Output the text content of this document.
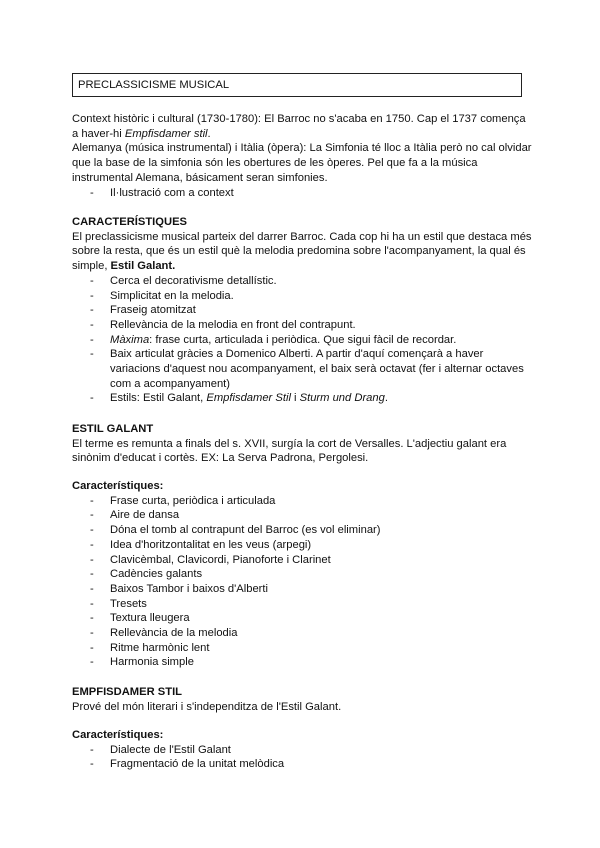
PRECLASSICISME MUSICAL

Context històric i cultural (1730-1780): El Barroc no s'acaba en 1750. Cap el 1737 comença a haver-hi Empfisdamer stil.

Alemanya (música instrumental) i Itàlia (òpera): La Simfonia té lloc a Itàlia però no cal olvidar que la base de la simfonia són les obertures de les òperes. Pel que fa a la música instrumental Alemana, básicament seran simfonies.

- Il·lustració com a context
CARACTERÍSTIQUES

El preclassicisme musical parteix del darrer Barroc. Cada cop hi ha un estil que destaca més sobre la resta, que és un estil què la melodia predomina sobre l'acompanyament, la qual és simple, Estil Galant.

- Cerca el decorativisme detallístic.
- Simplicitat en la melodia.
- Fraseig atomitzat
- Rellevància de la melodia en front del contrapunt.
- Màxima: frase curta, articulada i periòdica. Que sigui fàcil de recordar.
- Baix articulat gràcies a Domenico Alberti. A partir d'aquí començarà a haver variacions d'aquest nou acompanyament, el baix serà octavat (fer i alternar octaves com a acompanyament)
- Estils: Estil Galant, Empfisdamer Stil i Sturm und Drang.
ESTIL GALANT

El terme es remunta a finals del s. XVII, surgía la cort de Versalles. L'adjectiu galant era sinònim d'educat i cortès. EX: La Serva Padrona, Pergolesi.

Característiques:
- Frase curta, periòdica i articulada
- Aire de dansa
- Dóna el tomb al contrapunt del Barroc (es vol eliminar)
- Idea d'horitzontalitat en les veus (arpegi)
- Clavicèmbal, Clavicordi, Pianoforte i Clarinet
- Cadències galants
- Baixos Tambor i baixos d'Alberti
- Tresets
- Textura lleugera
- Rellevància de la melodia
- Ritme harmònic lent
- Harmonia simple
EMPFISDAMER STIL

Prové del món literari i s'independitza de l'Estil Galant.

Característiques:
- Dialecte de l'Estil Galant
- Fragmentació de la unitat melòdica
